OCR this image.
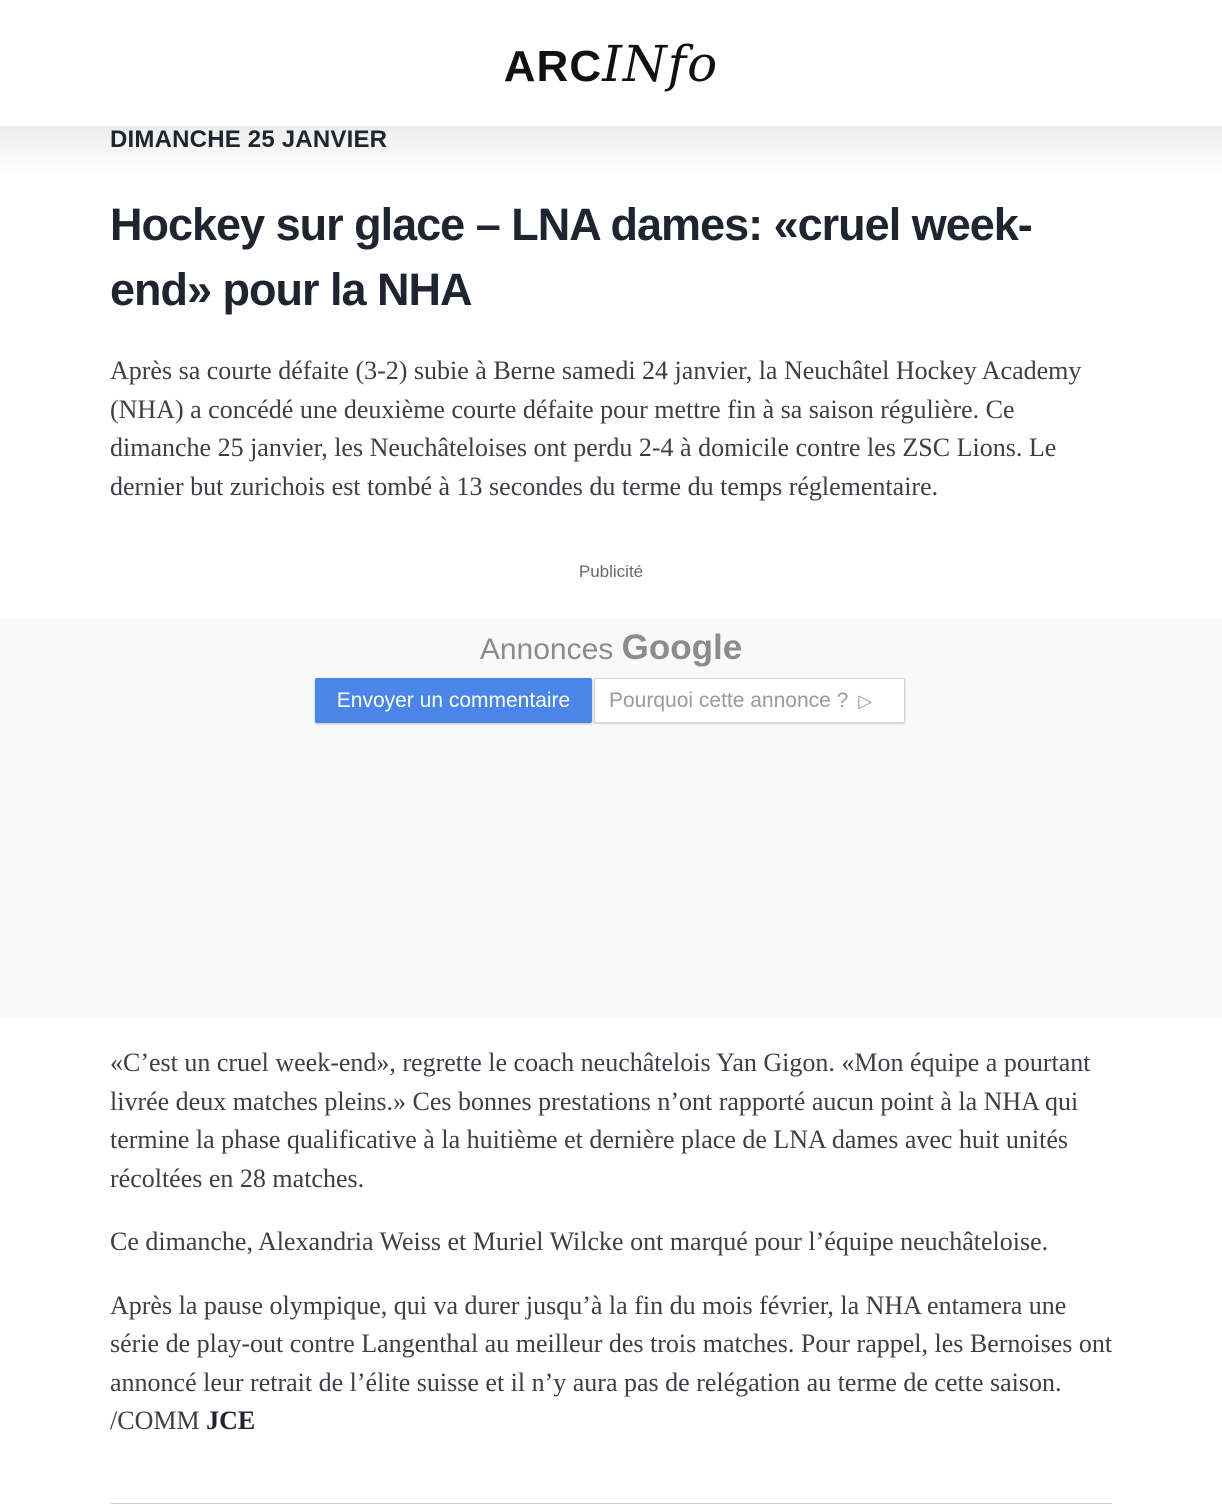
ARCINfo
DIMANCHE 25 JANVIER
Hockey sur glace – LNA dames: «cruel week-end» pour la NHA

Après sa courte défaite (3-2) subie à Berne samedi 24 janvier, la Neuchâtel Hockey Academy (NHA) a concédé une deuxième courte défaite pour mettre fin à sa saison régulière. Ce dimanche 25 janvier, les Neuchâteloises ont perdu 2-4 à domicile contre les ZSC Lions. Le dernier but zurichois est tombé à 13 secondes du terme du temps réglementaire.

Publicité
Annonces Google
Envoyer un commentaire	Pourquoi cette annonce ? ▷

«C’est un cruel week-end», regrette le coach neuchâtelois Yan Gigon. «Mon équipe a pourtant livrée deux matches pleins.» Ces bonnes prestations n’ont rapporté aucun point à la NHA qui termine la phase qualificative à la huitième et dernière place de LNA dames avec huit unités récoltées en 28 matches.

Ce dimanche, Alexandria Weiss et Muriel Wilcke ont marqué pour l’équipe neuchâteloise.

Après la pause olympique, qui va durer jusqu’à la fin du mois février, la NHA entamera une série de play-out contre Langenthal au meilleur des trois matches. Pour rappel, les Bernoises ont annoncé leur retrait de l’élite suisse et il n’y aura pas de relégation au terme de cette saison. /COMM JCE
